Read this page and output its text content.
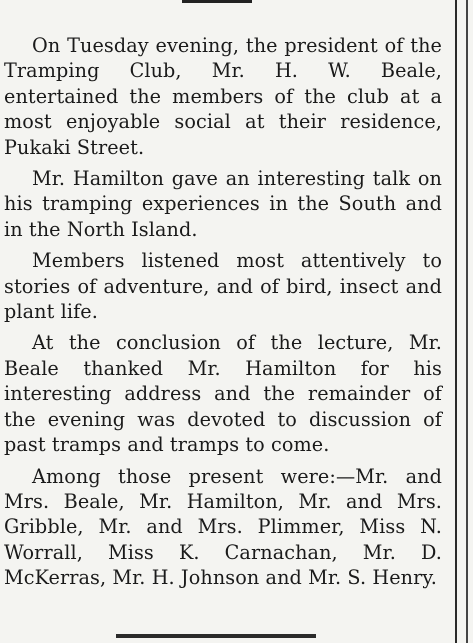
On Tuesday evening, the president of the Tramping Club, Mr. H. W. Beale, entertained the members of the club at a most enjoyable social at their residence, Pukaki Street.

Mr. Hamilton gave an interesting talk on his tramping experiences in the South and in the North Island.

Members listened most attentively to stories of adventure, and of bird, insect and plant life.

At the conclusion of the lecture, Mr. Beale thanked Mr. Hamilton for his interesting address and the remainder of the evening was devoted to discussion of past tramps and tramps to come.

Among those present were:—Mr. and Mrs. Beale, Mr. Hamilton, Mr. and Mrs. Gribble, Mr. and Mrs. Plimmer, Miss N. Worrall, Miss K. Carnachan, Mr. D. McKerras, Mr. H. Johnson and Mr. S. Henry.
